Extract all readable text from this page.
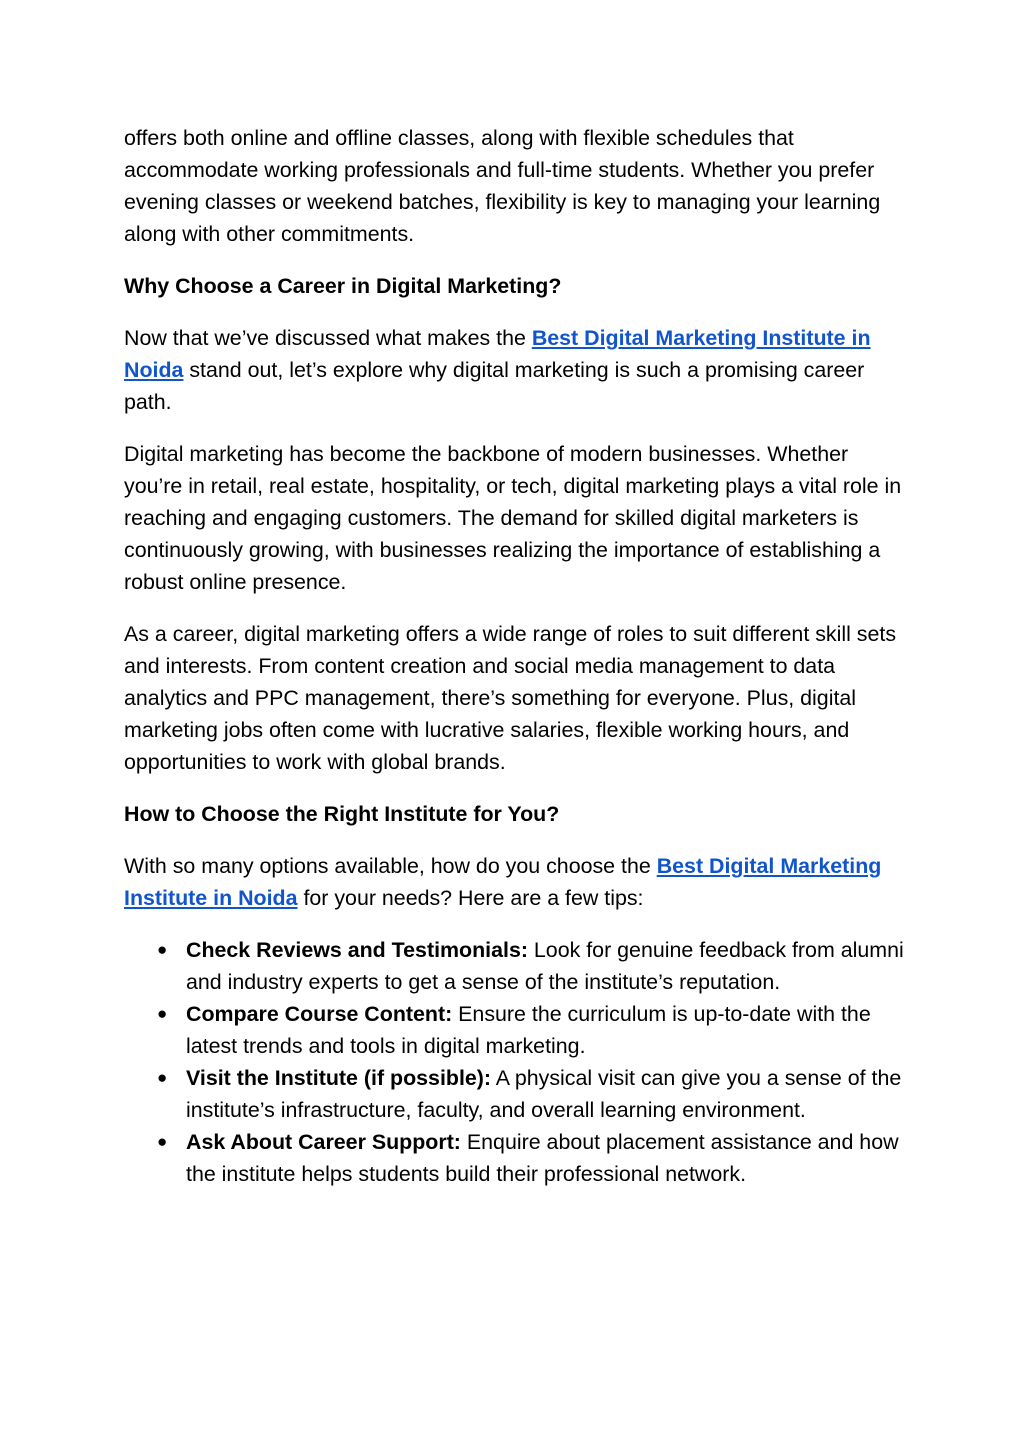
offers both online and offline classes, along with flexible schedules that accommodate working professionals and full-time students. Whether you prefer evening classes or weekend batches, flexibility is key to managing your learning along with other commitments.

Why Choose a Career in Digital Marketing?

Now that we’ve discussed what makes the Best Digital Marketing Institute in Noida stand out, let’s explore why digital marketing is such a promising career path.

Digital marketing has become the backbone of modern businesses. Whether you’re in retail, real estate, hospitality, or tech, digital marketing plays a vital role in reaching and engaging customers. The demand for skilled digital marketers is continuously growing, with businesses realizing the importance of establishing a robust online presence.

As a career, digital marketing offers a wide range of roles to suit different skill sets and interests. From content creation and social media management to data analytics and PPC management, there’s something for everyone. Plus, digital marketing jobs often come with lucrative salaries, flexible working hours, and opportunities to work with global brands.

How to Choose the Right Institute for You?

With so many options available, how do you choose the Best Digital Marketing Institute in Noida for your needs? Here are a few tips:

● Check Reviews and Testimonials: Look for genuine feedback from alumni and industry experts to get a sense of the institute’s reputation.
● Compare Course Content: Ensure the curriculum is up-to-date with the latest trends and tools in digital marketing.
● Visit the Institute (if possible): A physical visit can give you a sense of the institute’s infrastructure, faculty, and overall learning environment.
● Ask About Career Support: Enquire about placement assistance and how the institute helps students build their professional network.
